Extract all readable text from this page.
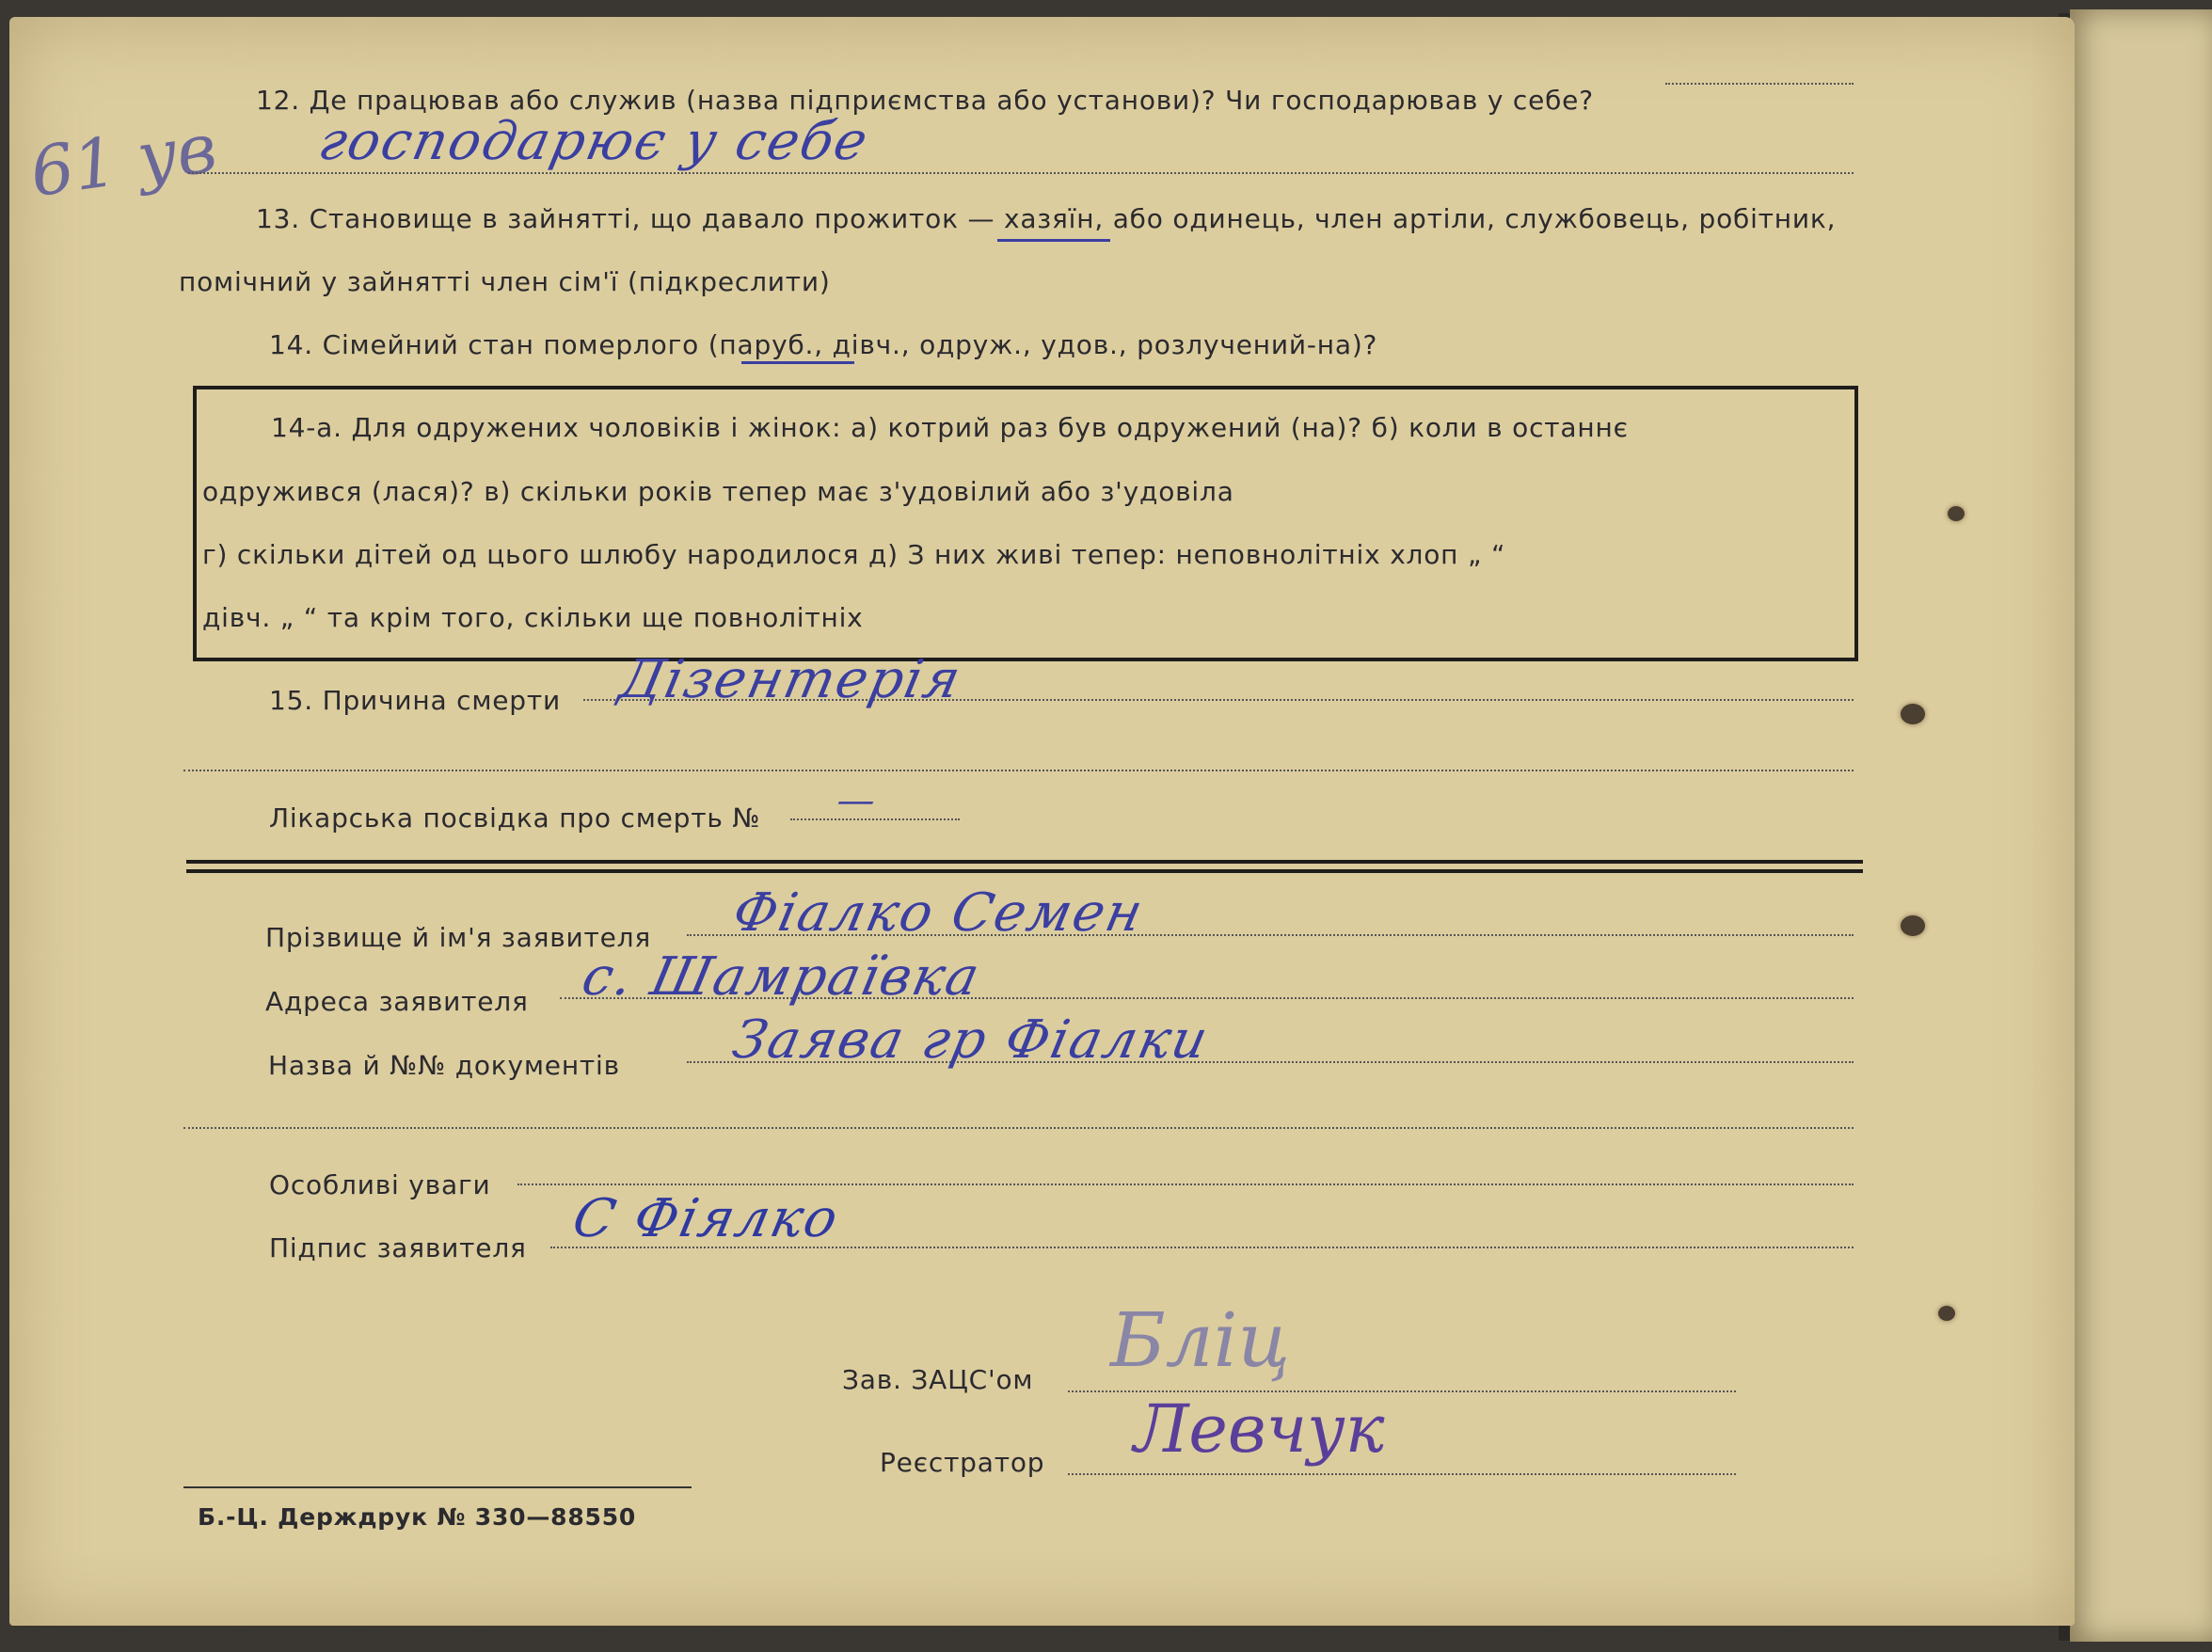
61 ув
12. Де працював або служив (назва підприємства або установи)? Чи господарював у себе?
господарює у себе
13. Становище в зайнятті, що давало прожиток — хазяїн, або одинець, член артіли, службовець, робітник,
помічний у зайнятті член сім'ї (підкреслити)
14. Сімейний стан померлого (паруб., дівч., одруж., удов., розлучений-на)?
14-а. Для одружених чоловіків і жінок: а) котрий раз був одружений (на)? б) коли в останнє
одружився (лася)? в) скільки років тепер має з'удовілий або з'удовіла
г) скільки дітей од цього шлюбу народилося д) З них живі тепер: неповнолітніх хлоп „ “
дівч. „ “ та крім того, скільки ще повнолітніх
15. Причина смерти Дізентерія
Лікарська посвідка про смерть № —
Прізвище й ім'я заявителя Фіалко Семен
Адреса заявителя с. Шамраївка
Назва й №№ документів Заява гр Фіалки
Особливі уваги
Підпис заявителя С Фіялко
Зав. ЗАЦС'ом Бліц
Реєстратор Левчук
Б.-Ц. Держдрук № 330—88550
